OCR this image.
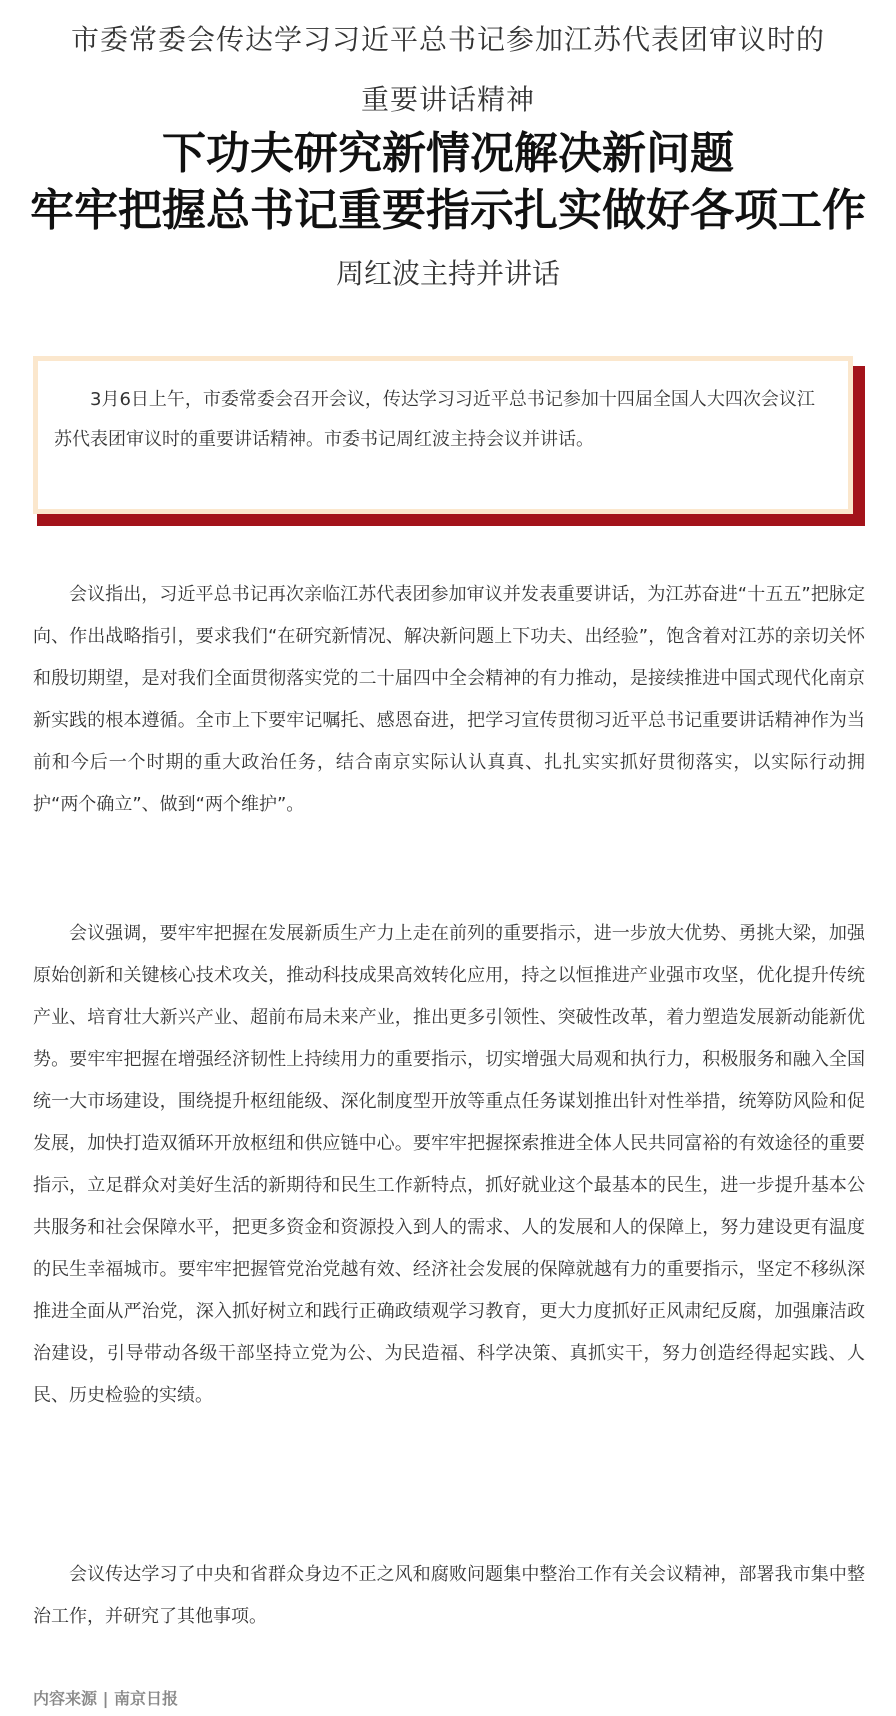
市委常委会传达学习习近平总书记参加江苏代表团审议时的
重要讲话精神
下功夫研究新情况解决新问题
牢牢把握总书记重要指示扎实做好各项工作
周红波主持并讲话

3月6日上午，市委常委会召开会议，传达学习习近平总书记参加十四届全国人大四次会议江苏代表团审议时的重要讲话精神。市委书记周红波主持会议并讲话。

会议指出，习近平总书记再次亲临江苏代表团参加审议并发表重要讲话，为江苏奋进“十五五”把脉定向、作出战略指引，要求我们“在研究新情况、解决新问题上下功夫、出经验”，饱含着对江苏的亲切关怀和殷切期望，是对我们全面贯彻落实党的二十届四中全会精神的有力推动，是接续推进中国式现代化南京新实践的根本遵循。全市上下要牢记嘱托、感恩奋进，把学习宣传贯彻习近平总书记重要讲话精神作为当前和今后一个时期的重大政治任务，结合南京实际认认真真、扎扎实实抓好贯彻落实，以实际行动拥护“两个确立”、做到“两个维护”。

会议强调，要牢牢把握在发展新质生产力上走在前列的重要指示，进一步放大优势、勇挑大梁，加强原始创新和关键核心技术攻关，推动科技成果高效转化应用，持之以恒推进产业强市攻坚，优化提升传统产业、培育壮大新兴产业、超前布局未来产业，推出更多引领性、突破性改革，着力塑造发展新动能新优势。要牢牢把握在增强经济韧性上持续用力的重要指示，切实增强大局观和执行力，积极服务和融入全国统一大市场建设，围绕提升枢纽能级、深化制度型开放等重点任务谋划推出针对性举措，统筹防风险和促发展，加快打造双循环开放枢纽和供应链中心。要牢牢把握探索推进全体人民共同富裕的有效途径的重要指示，立足群众对美好生活的新期待和民生工作新特点，抓好就业这个最基本的民生，进一步提升基本公共服务和社会保障水平，把更多资金和资源投入到人的需求、人的发展和人的保障上，努力建设更有温度的民生幸福城市。要牢牢把握管党治党越有效、经济社会发展的保障就越有力的重要指示，坚定不移纵深推进全面从严治党，深入抓好树立和践行正确政绩观学习教育，更大力度抓好正风肃纪反腐，加强廉洁政治建设，引导带动各级干部坚持立党为公、为民造福、科学决策、真抓实干，努力创造经得起实践、人民、历史检验的实绩。

会议传达学习了中央和省群众身边不正之风和腐败问题集中整治工作有关会议精神，部署我市集中整治工作，并研究了其他事项。

内容来源 | 南京日报
